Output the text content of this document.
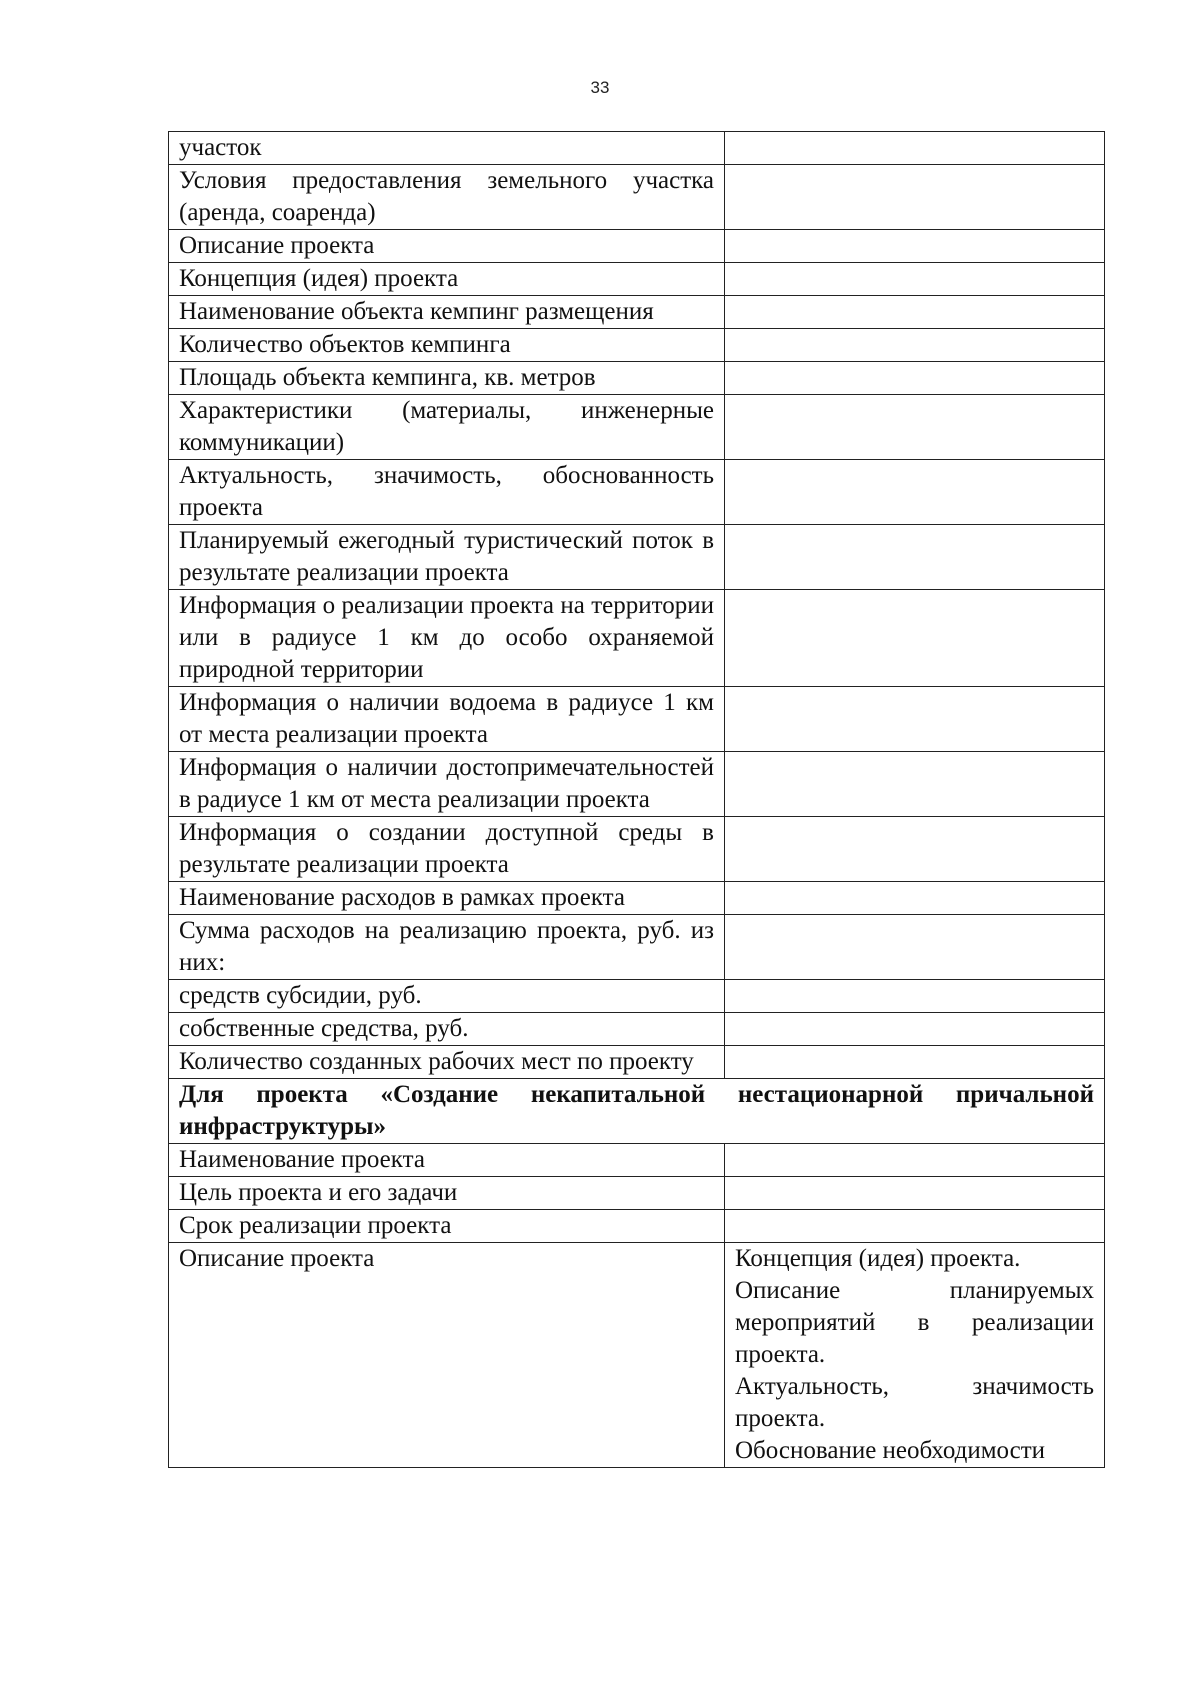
33
участок	
Условия предоставления земельного участка (аренда, соаренда)	
Описание проекта	
Концепция (идея) проекта	
Наименование объекта кемпинг размещения	
Количество объектов кемпинга	
Площадь объекта кемпинга, кв. метров	
Характеристики (материалы, инженерные коммуникации)	
Актуальность, значимость, обоснованность проекта	
Планируемый ежегодный туристический поток в результате реализации проекта	
Информация о реализации проекта на территории или в радиусе 1 км до особо охраняемой природной территории	
Информация о наличии водоема в радиусе 1 км от места реализации проекта	
Информация о наличии достопримечательностей в радиусе 1 км от места реализации проекта	
Информация о создании доступной среды в результате реализации проекта	
Наименование расходов в рамках проекта	
Сумма расходов на реализацию проекта, руб. из них:	
средств субсидии, руб.	
собственные средства, руб.	
Количество созданных рабочих мест по проекту	
Для проекта «Создание некапитальной нестационарной причальной инфраструктуры»	
Наименование проекта	
Цель проекта и его задачи	
Срок реализации проекта	
Описание проекта	Концепция (идея) проекта.
Описание планируемых мероприятий в реализации проекта.
Актуальность, значимость проекта.
Обоснование необходимости
